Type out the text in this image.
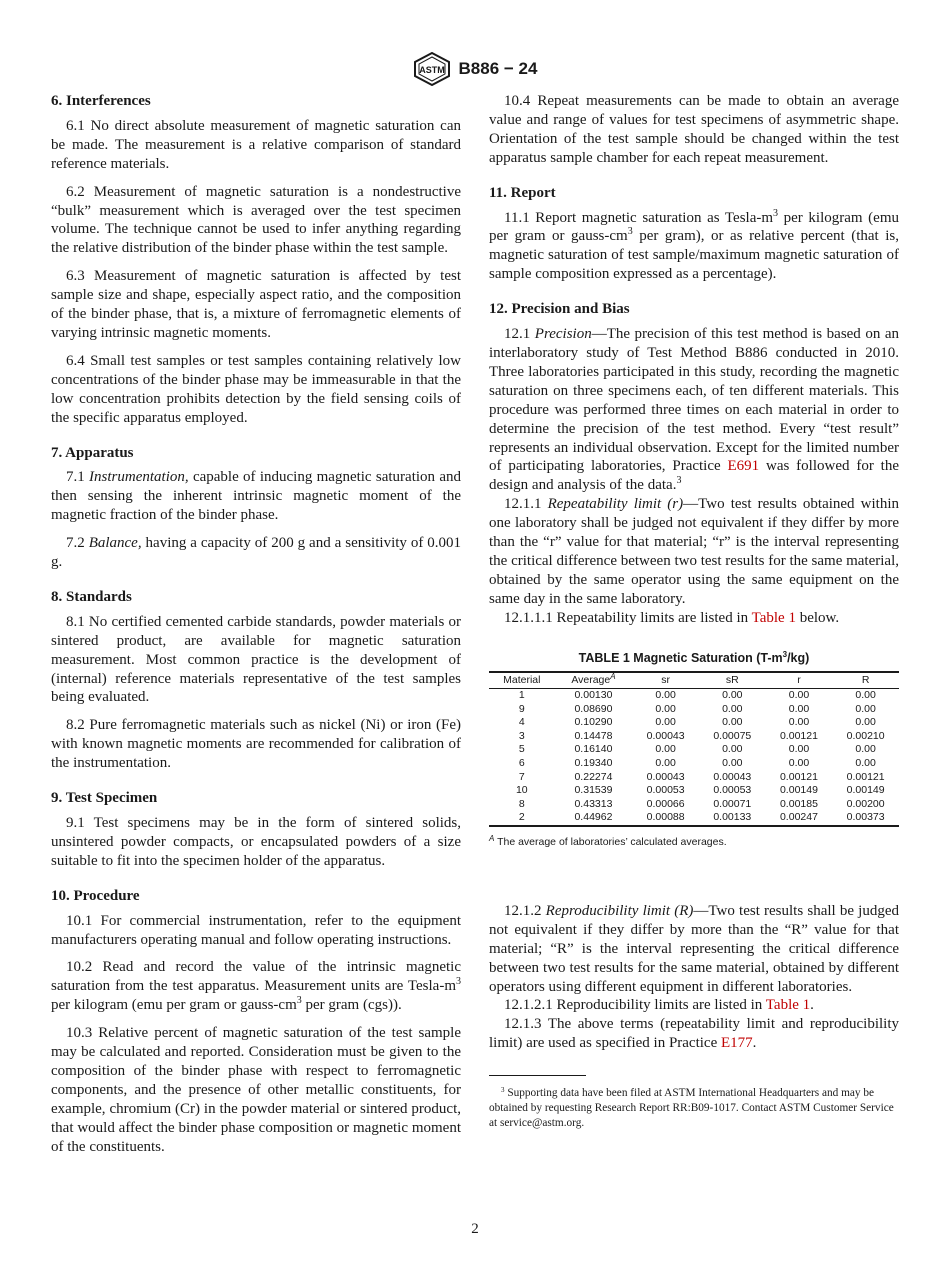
ASTM B886 − 24
6. Interferences

6.1 No direct absolute measurement of magnetic saturation can be made. The measurement is a relative comparison of standard reference materials.

6.2 Measurement of magnetic saturation is a nondestructive “bulk” measurement which is averaged over the test specimen volume. The technique cannot be used to infer anything regarding the relative distribution of the binder phase within the test sample.

6.3 Measurement of magnetic saturation is affected by test sample size and shape, especially aspect ratio, and the composition of the binder phase, that is, a mixture of ferromagnetic elements of varying intrinsic magnetic moments.

6.4 Small test samples or test samples containing relatively low concentrations of the binder phase may be immeasurable in that the low concentration prohibits detection by the field sensing coils of the specific apparatus employed.

7. Apparatus

7.1 Instrumentation, capable of inducing magnetic saturation and then sensing the inherent intrinsic magnetic moment of the magnetic fraction of the binder phase.

7.2 Balance, having a capacity of 200 g and a sensitivity of 0.001 g.

8. Standards

8.1 No certified cemented carbide standards, powder materials or sintered product, are available for magnetic saturation measurement. Most common practice is the development of (internal) reference materials representative of the test samples being evaluated.

8.2 Pure ferromagnetic materials such as nickel (Ni) or iron (Fe) with known magnetic moments are recommended for calibration of the instrumentation.

9. Test Specimen

9.1 Test specimens may be in the form of sintered solids, unsintered powder compacts, or encapsulated powders of a size suitable to fit into the specimen holder of the apparatus.

10. Procedure

10.1 For commercial instrumentation, refer to the equipment manufacturers operating manual and follow operating instructions.

10.2 Read and record the value of the intrinsic magnetic saturation from the test apparatus. Measurement units are Tesla-$m^3$ per kilogram (emu per gram or gauss-$cm^3$ per gram (cgs)).

10.3 Relative percent of magnetic saturation of the test sample may be calculated and reported. Consideration must be given to the composition of the binder phase with respect to ferromagnetic components, and the presence of other metallic constituents, for example, chromium (Cr) in the powder material or sintered product, that would affect the binder phase composition or magnetic moment of the constituents.

10.4 Repeat measurements can be made to obtain an average value and range of values for test specimens of asymmetric shape. Orientation of the test sample should be changed within the test apparatus sample chamber for each repeat measurement.

11. Report

11.1 Report magnetic saturation as Tesla-$m^3$ per kilogram (emu per gram or gauss-$cm^3$ per gram), or as relative percent (that is, magnetic saturation of test sample/maximum magnetic saturation of sample composition expressed as a percentage).

12. Precision and Bias

12.1 Precision—The precision of this test method is based on an interlaboratory study of Test Method B886 conducted in 2010. Three laboratories participated in this study, recording the magnetic saturation on three specimens each, of ten different materials. This procedure was performed three times on each material in order to determine the precision of the test method. Every “test result” represents an individual observation. Except for the limited number of participating laboratories, Practice E691 was followed for the design and analysis of the data.$^3$

12.1.1 Repeatability limit (r)—Two test results obtained within one laboratory shall be judged not equivalent if they differ by more than the “r” value for that material; “r” is the interval representing the critical difference between two test results for the same material, obtained by the same operator using the same equipment on the same day in the same laboratory.

12.1.1.1 Repeatability limits are listed in Table 1 below.

TABLE 1 Magnetic Saturation $(T-m^3/kg)$
Material	Average$^A$	sr	sR	r	R
1	0.00130	0.00	0.00	0.00	0.00
9	0.08690	0.00	0.00	0.00	0.00
4	0.10290	0.00	0.00	0.00	0.00
3	0.14478	0.00043	0.00075	0.00121	0.00210
5	0.16140	0.00	0.00	0.00	0.00
6	0.19340	0.00	0.00	0.00	0.00
7	0.22274	0.00043	0.00043	0.00121	0.00121
10	0.31539	0.00053	0.00053	0.00149	0.00149
8	0.43313	0.00066	0.00071	0.00185	0.00200
2	0.44962	0.00088	0.00133	0.00247	0.00373
$^A$ The average of laboratories’ calculated averages.

12.1.2 Reproducibility limit (R)—Two test results shall be judged not equivalent if they differ by more than the “R” value for that material; “R” is the interval representing the critical difference between two test results for the same material, obtained by different operators using different equipment in different laboratories.

12.1.2.1 Reproducibility limits are listed in Table 1.

12.1.3 The above terms (repeatability limit and reproducibility limit) are used as specified in Practice E177.

$^3$ Supporting data have been filed at ASTM International Headquarters and may be obtained by requesting Research Report RR:B09-1017. Contact ASTM Customer Service at service@astm.org.
2
